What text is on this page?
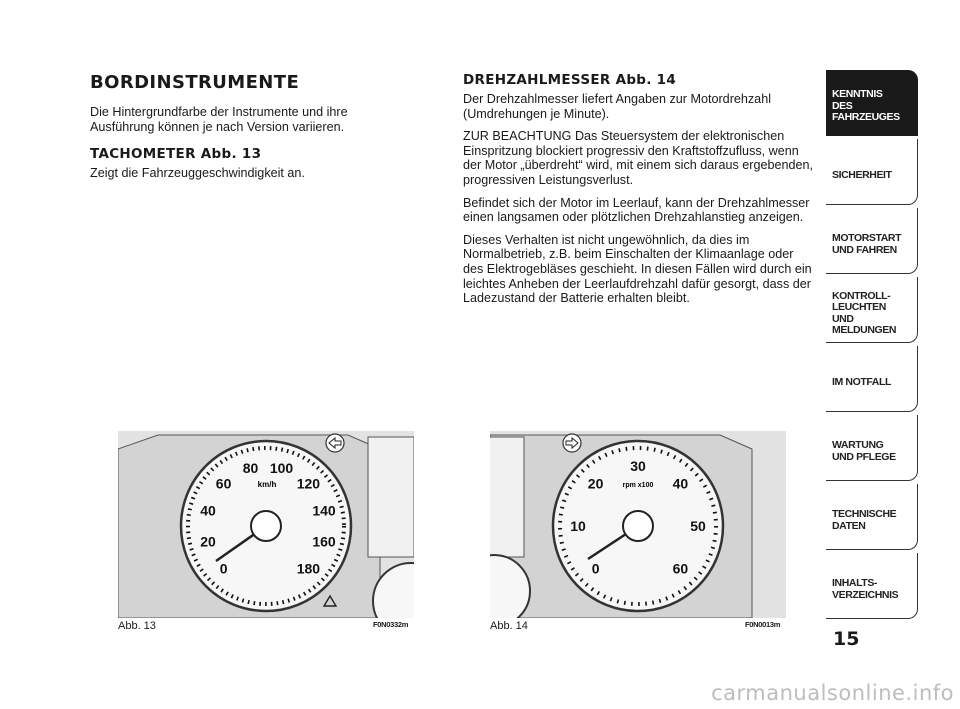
BORDINSTRUMENTE

Die Hintergrundfarbe der Instrumente und ihre Ausführung können je nach Version variieren.

TACHOMETER Abb. 13

Zeigt die Fahrzeuggeschwindigkeit an.

DREHZAHLMESSER Abb. 14

Der Drehzahlmesser liefert Angaben zur Motordrehzahl (Umdrehungen je Minute).

ZUR BEACHTUNG Das Steuersystem der elektronischen Einspritzung blockiert progressiv den Kraftstoffzufluss, wenn der Motor „überdreht“ wird, mit einem sich daraus ergebenden, progressiven Leistungsverlust.

Befindet sich der Motor im Leerlauf, kann der Drehzahlmesser einen langsamen oder plötzlichen Drehzahlanstieg anzeigen.

Dieses Verhalten ist nicht ungewöhnlich, da dies im Normalbetrieb, z.B. beim Einschalten der Klimaanlage oder des Elektrogebläses geschieht. In diesen Fällen wird durch ein leichtes Anheben der Leerlaufdrehzahl dafür gesorgt, dass der Ladezustand der Batterie erhalten bleibt.

KENNTNIS
DES FAHRZEUGES
SICHERHEIT
MOTORSTART
UND FAHREN
KONTROLL-
LEUCHTEN
UND MELDUNGEN
IM NOTFALL
WARTUNG
UND PFLEGE
TECHNISCHE
DATEN
INHALTS-
VERZEICHNIS
15
0
20
40
60
80 100
120
140
160
180
km/h
Abb. 13	F0N0332m
0
10
20
30
40
50
60
rpm x100
Abb. 14	F0N0013m
carmanualsonline.info
